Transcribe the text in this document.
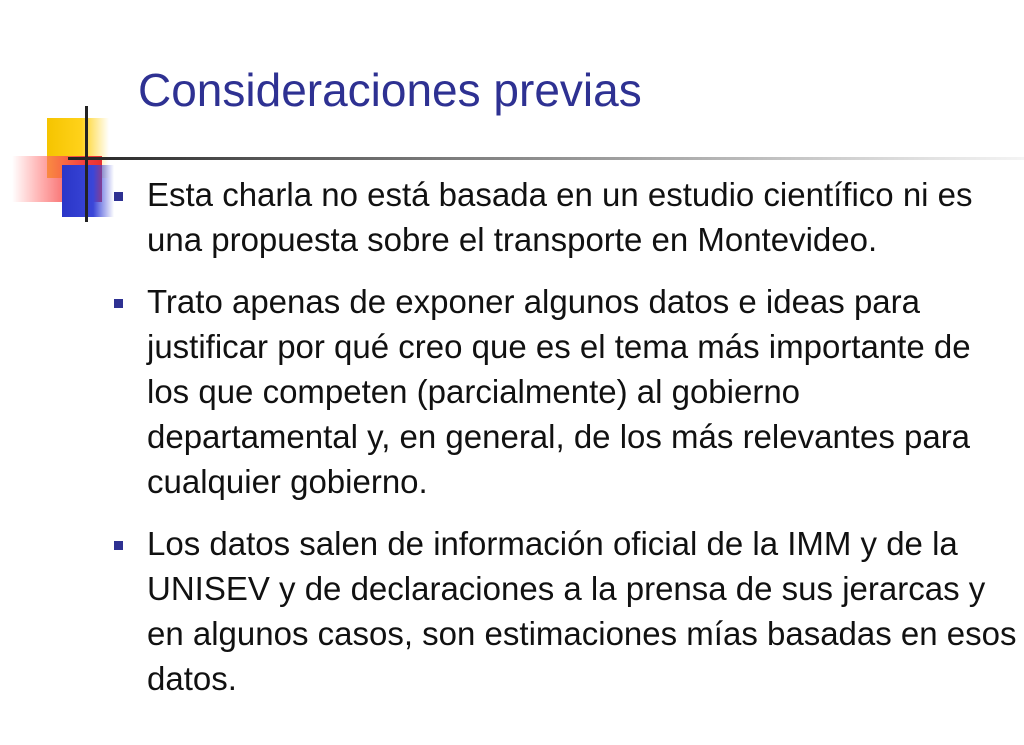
Consideraciones previas
Esta charla no está basada en un estudio científico ni es una propuesta sobre el transporte en Montevideo.
Trato apenas de exponer algunos datos e ideas para justificar por qué creo que es el tema más importante de los que competen (parcialmente) al gobierno departamental y, en general, de los más relevantes para cualquier gobierno.
Los datos salen de información oficial de la IMM y de la UNISEV y de declaraciones a la prensa de sus jerarcas y en algunos casos, son estimaciones mías basadas en esos datos.
